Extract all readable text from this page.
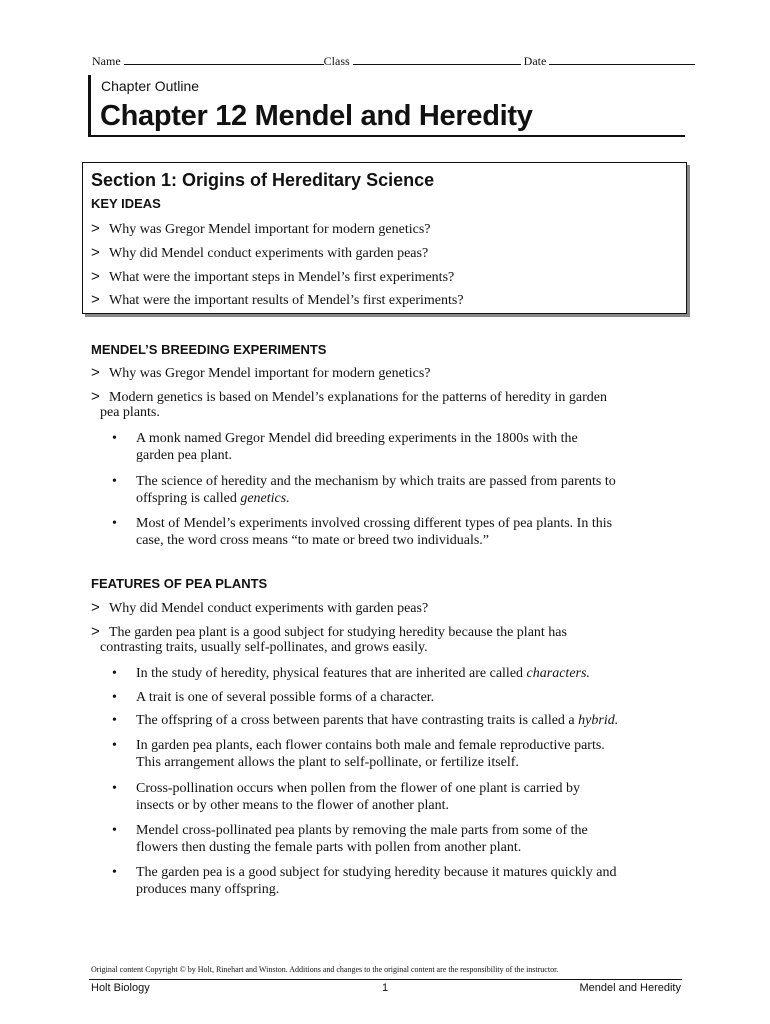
Name	Class	Date
Chapter Outline
Chapter 12 Mendel and Heredity
Section 1: Origins of Hereditary Science
KEY IDEAS
> Why was Gregor Mendel important for modern genetics?
> Why did Mendel conduct experiments with garden peas?
> What were the important steps in Mendel’s first experiments?
> What were the important results of Mendel’s first experiments?
MENDEL’S BREEDING EXPERIMENTS
> Why was Gregor Mendel important for modern genetics?
> Modern genetics is based on Mendel’s explanations for the patterns of heredity in garden
pea plants.
•	A monk named Gregor Mendel did breeding experiments in the 1800s with the
garden pea plant.
•	The science of heredity and the mechanism by which traits are passed from parents to
offspring is called genetics.
•	Most of Mendel’s experiments involved crossing different types of pea plants. In this
case, the word cross means “to mate or breed two individuals.”
FEATURES OF PEA PLANTS
> Why did Mendel conduct experiments with garden peas?
> The garden pea plant is a good subject for studying heredity because the plant has
contrasting traits, usually self-pollinates, and grows easily.
•	In the study of heredity, physical features that are inherited are called characters.
•	A trait is one of several possible forms of a character.
•	The offspring of a cross between parents that have contrasting traits is called a hybrid.
•	In garden pea plants, each flower contains both male and female reproductive parts.
This arrangement allows the plant to self-pollinate, or fertilize itself.
•	Cross-pollination occurs when pollen from the flower of one plant is carried by
insects or by other means to the flower of another plant.
•	Mendel cross-pollinated pea plants by removing the male parts from some of the
flowers then dusting the female parts with pollen from another plant.
•	The garden pea is a good subject for studying heredity because it matures quickly and
produces many offspring.
Original content Copyright © by Holt, Rinehart and Winston. Additions and changes to the original content are the responsibility of the instructor.
Holt Biology	1	Mendel and Heredity
